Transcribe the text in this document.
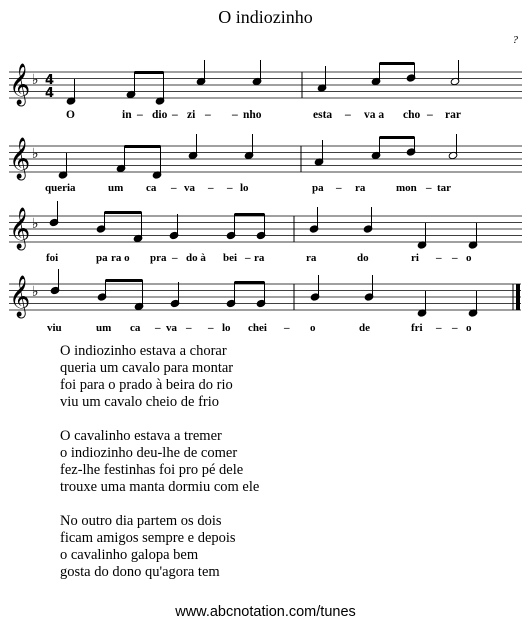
O indiozinho
?
𝄞 ♭ 4
4
O	in – dio – zi – – nho	esta – va a cho – rar
𝄞 ♭
queria	um ca – va – – lo	pa – ra	mon – tar
𝄞 ♭
foi	pa ra o pra – do à bei – ra	ra	do	ri – – o
𝄞 ♭
viu	um ca – va – – lo chei – o	de	fri – – o
O indiozinho estava a chorar
queria um cavalo para montar
foi para o prado à beira do rio
viu um cavalo cheio de frio
O cavalinho estava a tremer
o indiozinho deu-lhe de comer
fez-lhe festinhas foi pro pé dele
trouxe uma manta dormiu com ele
No outro dia partem os dois
ficam amigos sempre e depois
o cavalinho galopa bem
gosta do dono qu'agora tem
www.abcnotation.com/tunes
